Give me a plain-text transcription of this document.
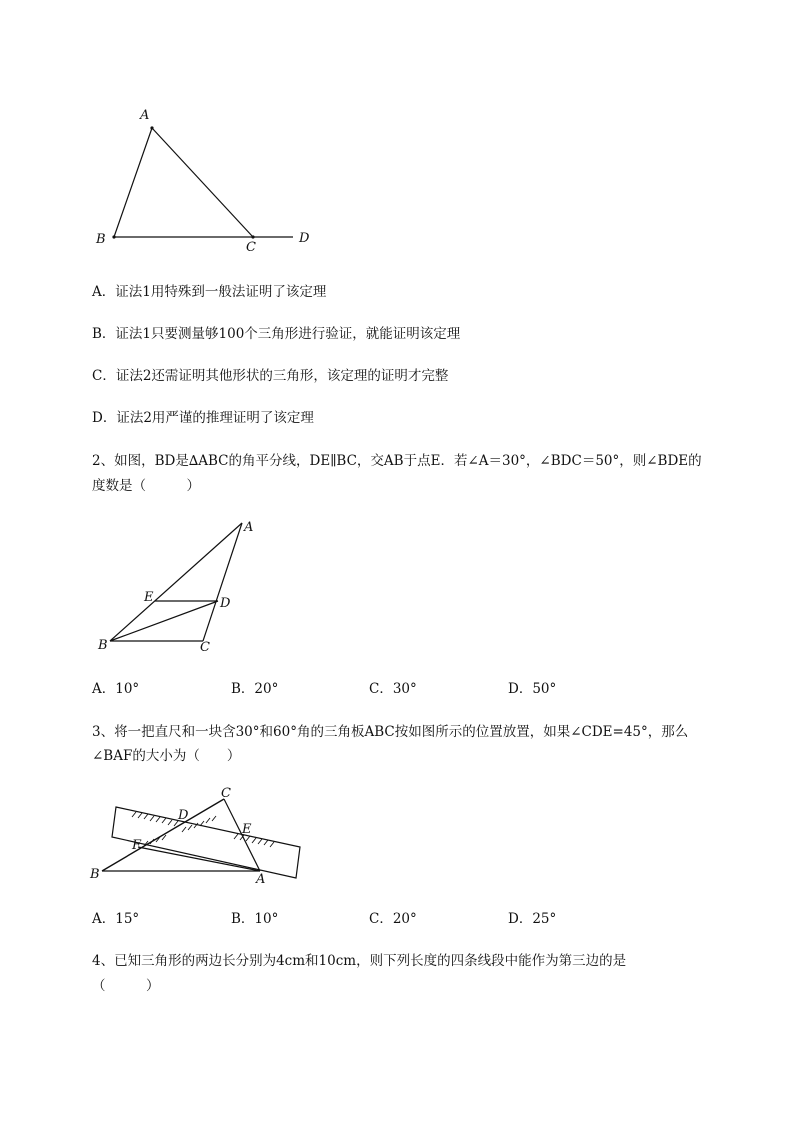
A
B
C
D
A．证法1用特殊到一般法证明了该定理
B．证法1只要测量够100个三角形进行验证，就能证明该定理
C．证法2还需证明其他形状的三角形，该定理的证明才完整
D．证法2用严谨的推理证明了该定理
2、如图，BD是∆ABC的角平分线，DE∥BC，交AB于点E．若∠A＝30°，∠BDC＝50°，则∠BDE的
度数是（　　　）
A
E	D
B	C
A．10°	B．20°	C．30°	D．50°
3、将一把直尺和一块含30°和60°角的三角板ABC按如图所示的位置放置，如果∠CDE=45°，那么
∠BAF的大小为（　　）
C
D
E
F
B	A
A．15°	B．10°	C．20°	D．25°
4、已知三角形的两边长分别为4cm和10cm，则下列长度的四条线段中能作为第三边的是
（　　　）
